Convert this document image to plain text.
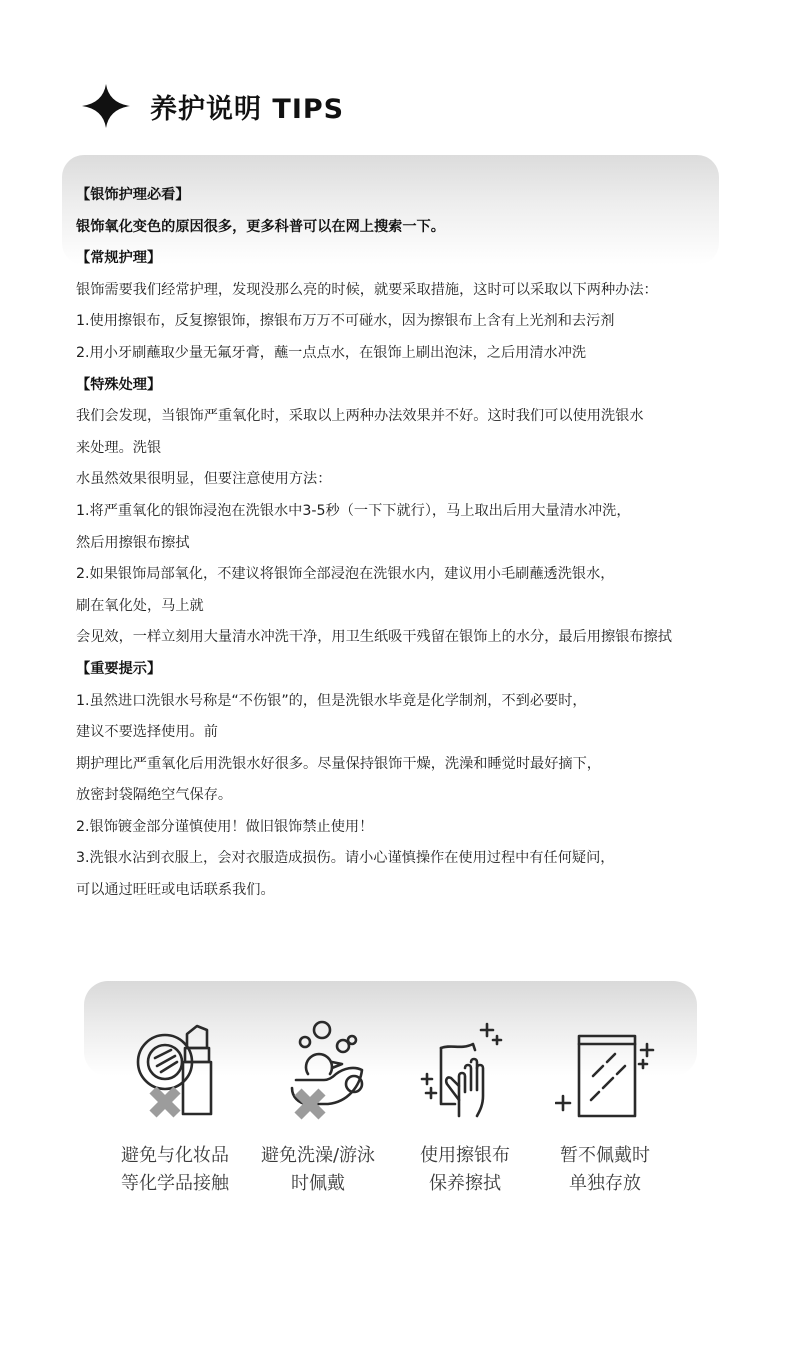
养护说明 TIPS
【银饰护理必看】
银饰氧化变色的原因很多，更多科普可以在网上搜索一下。
【常规护理】
银饰需要我们经常护理，发现没那么亮的时候，就要采取措施，这时可以采取以下两种办法：
1.使用擦银布，反复擦银饰，擦银布万万不可碰水，因为擦银布上含有上光剂和去污剂
2.用小牙刷蘸取少量无氟牙膏，蘸一点点水，在银饰上刷出泡沫，之后用清水冲洗
【特殊处理】
我们会发现，当银饰严重氧化时，采取以上两种办法效果并不好。这时我们可以使用洗银水
来处理。洗银
水虽然效果很明显，但要注意使用方法：
1.将严重氧化的银饰浸泡在洗银水中3-5秒（一下下就行），马上取出后用大量清水冲洗，
然后用擦银布擦拭
2.如果银饰局部氧化，不建议将银饰全部浸泡在洗银水内，建议用小毛刷蘸透洗银水，
刷在氧化处，马上就
会见效，一样立刻用大量清水冲洗干净，用卫生纸吸干残留在银饰上的水分，最后用擦银布擦拭
【重要提示】
1.虽然进口洗银水号称是“不伤银”的，但是洗银水毕竟是化学制剂，不到必要时，
建议不要选择使用。前
期护理比严重氧化后用洗银水好很多。尽量保持银饰干燥，洗澡和睡觉时最好摘下，
放密封袋隔绝空气保存。
2.银饰镀金部分谨慎使用！做旧银饰禁止使用！
3.洗银水沾到衣服上，会对衣服造成损伤。请小心谨慎操作在使用过程中有任何疑问，
可以通过旺旺或电话联系我们。
避免与化妆品
等化学品接触
避免洗澡/游泳
时佩戴
使用擦银布
保养擦拭
暂不佩戴时
单独存放
